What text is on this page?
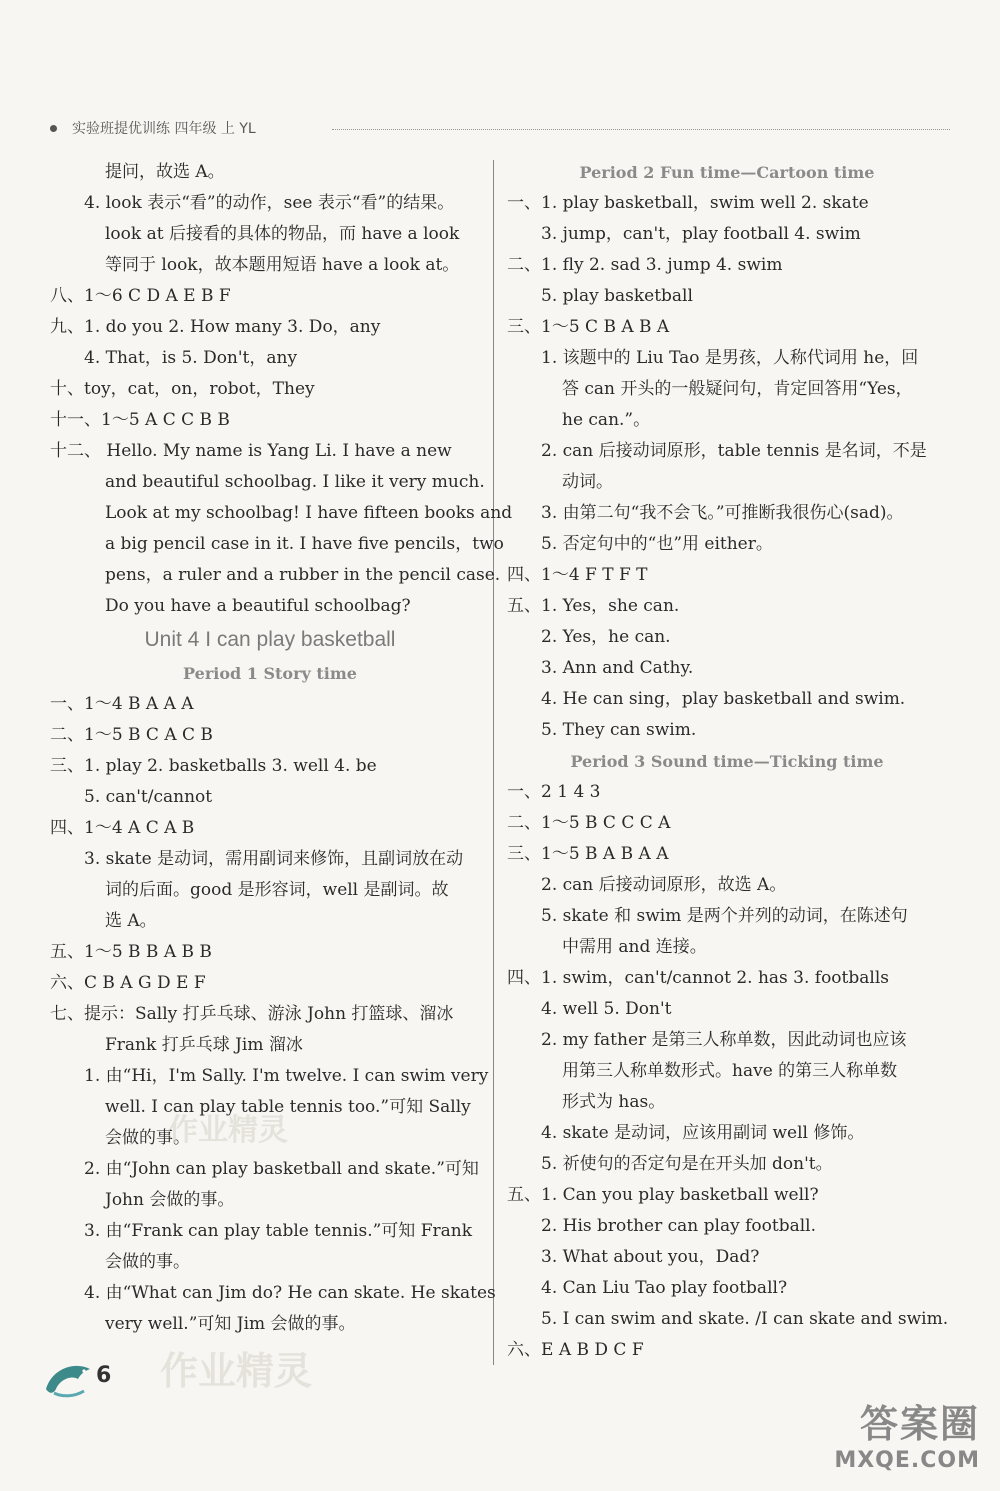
实验班提优训练 四年级 上 YL
提问，故选 A。
4. look 表示“看”的动作，see 表示“看”的结果。
look at 后接看的具体的物品，而 have a look
等同于 look，故本题用短语 have a look at。
八、1～6 C D A E B F
九、1. do you 2. How many 3. Do，any
4. That，is 5. Don't，any
十、toy，cat，on，robot，They
十一、1～5 A C C B B
十二、 Hello. My name is Yang Li. I have a new
and beautiful schoolbag. I like it very much.
Look at my schoolbag! I have fifteen books and
a big pencil case in it. I have five pencils，two
pens，a ruler and a rubber in the pencil case.
Do you have a beautiful schoolbag?
Unit 4 I can play basketball
Period 1 Story time
一、1～4 B A A A
二、1～5 B C A C B
三、1. play 2. basketballs 3. well 4. be
5. can't/cannot
四、1～4 A C A B
3. skate 是动词，需用副词来修饰，且副词放在动
词的后面。good 是形容词，well 是副词。故
选 A。
五、1～5 B B A B B
六、C B A G D E F
七、提示：Sally 打乒乓球、游泳 John 打篮球、溜冰
Frank 打乒乓球 Jim 溜冰
1. 由“Hi，I'm Sally. I'm twelve. I can swim very
well. I can play table tennis too.”可知 Sally
会做的事。
2. 由“John can play basketball and skate.”可知
John 会做的事。
3. 由“Frank can play table tennis.”可知 Frank
会做的事。
4. 由“What can Jim do? He can skate. He skates
very well.”可知 Jim 会做的事。
Period 2 Fun time—Cartoon time
一、1. play basketball，swim well 2. skate
3. jump，can't，play football 4. swim
二、1. fly 2. sad 3. jump 4. swim
5. play basketball
三、1～5 C B A B A
1. 该题中的 Liu Tao 是男孩，人称代词用 he，回
答 can 开头的一般疑问句，肯定回答用“Yes，
he can.”。
2. can 后接动词原形，table tennis 是名词，不是
动词。
3. 由第二句“我不会飞。”可推断我很伤心(sad)。
5. 否定句中的“也”用 either。
四、1～4 F T F T
五、1. Yes，she can.
2. Yes，he can.
3. Ann and Cathy.
4. He can sing，play basketball and swim.
5. They can swim.
Period 3 Sound time—Ticking time
一、2 1 4 3
二、1～5 B C C C A
三、1～5 B A B A A
2. can 后接动词原形，故选 A。
5. skate 和 swim 是两个并列的动词，在陈述句
中需用 and 连接。
四、1. swim，can't/cannot 2. has 3. footballs
4. well 5. Don't
2. my father 是第三人称单数，因此动词也应该
用第三人称单数形式。have 的第三人称单数
形式为 has。
4. skate 是动词，应该用副词 well 修饰。
5. 祈使句的否定句是在开头加 don't。
五、1. Can you play basketball well?
2. His brother can play football.
3. What about you，Dad?
4. Can Liu Tao play football?
5. I can swim and skate. /I can skate and swim.
六、E A B D C F
作业精灵
作业精灵
6
答案圈
MXQE.COM
